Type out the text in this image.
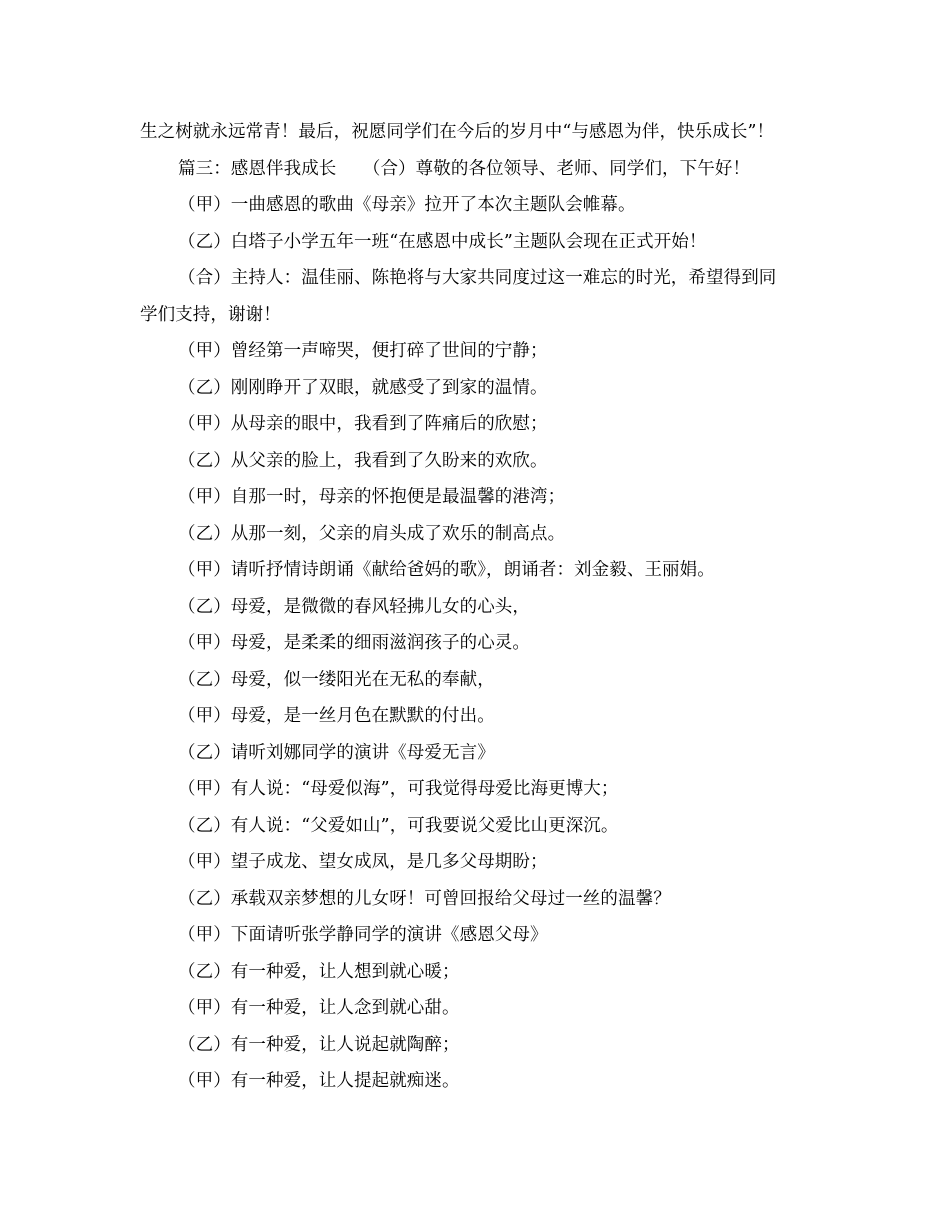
生之树就永远常青！最后，祝愿同学们在今后的岁月中“与感恩为伴，快乐成长”！
篇三：感恩伴我成长　　（合）尊敬的各位领导、老师、同学们，下午好！
（甲）一曲感恩的歌曲《母亲》拉开了本次主题队会帷幕。
（乙）白塔子小学五年一班“在感恩中成长”主题队会现在正式开始！
（合）主持人：温佳丽、陈艳将与大家共同度过这一难忘的时光，希望得到同
学们支持，谢谢！
（甲）曾经第一声啼哭，便打碎了世间的宁静；
（乙）刚刚睁开了双眼，就感受了到家的温情。
（甲）从母亲的眼中，我看到了阵痛后的欣慰；
（乙）从父亲的脸上，我看到了久盼来的欢欣。
（甲）自那一时，母亲的怀抱便是最温馨的港湾；
（乙）从那一刻，父亲的肩头成了欢乐的制高点。
（甲）请听抒情诗朗诵《献给爸妈的歌》，朗诵者：刘金毅、王丽娟。
（乙）母爱，是微微的春风轻拂儿女的心头，
（甲）母爱，是柔柔的细雨滋润孩子的心灵。
（乙）母爱，似一缕阳光在无私的奉献，
（甲）母爱，是一丝月色在默默的付出。
（乙）请听刘娜同学的演讲《母爱无言》
（甲）有人说：“母爱似海”，可我觉得母爱比海更博大；
（乙）有人说：“父爱如山”，可我要说父爱比山更深沉。
（甲）望子成龙、望女成凤，是几多父母期盼；
（乙）承载双亲梦想的儿女呀！可曾回报给父母过一丝的温馨？
（甲）下面请听张学静同学的演讲《感恩父母》
（乙）有一种爱，让人想到就心暖；
（甲）有一种爱，让人念到就心甜。
（乙）有一种爱，让人说起就陶醉；
（甲）有一种爱，让人提起就痴迷。
